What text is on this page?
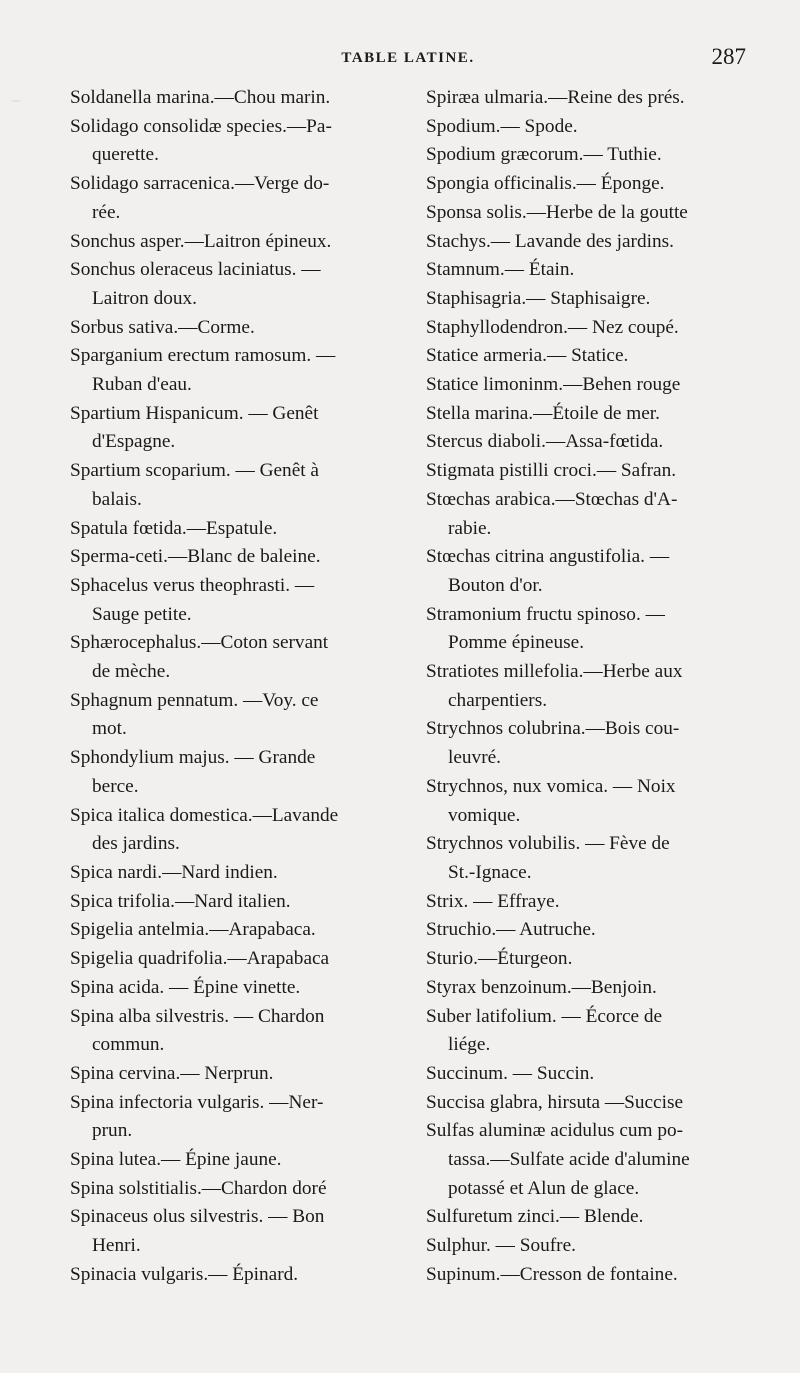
TABLE LATINE.	287
Soldanella marina.—Chou marin.
Solidago consolidæ species.—Pa-
querette.
Solidago sarracenica.—Verge do-
rée.
Sonchus asper.—Laitron épineux.
Sonchus oleraceus laciniatus. —
Laitron doux.
Sorbus sativa.—Corme.
Sparganium erectum ramosum. —
Ruban d'eau.
Spartium Hispanicum. — Genêt
d'Espagne.
Spartium scoparium. — Genêt à
balais.
Spatula fœtida.—Espatule.
Sperma-ceti.—Blanc de baleine.
Sphacelus verus theophrasti. —
Sauge petite.
Sphærocephalus.—Coton servant
de mèche.
Sphagnum pennatum. —Voy. ce
mot.
Sphondylium majus. — Grande
berce.
Spica italica domestica.—Lavande
des jardins.
Spica nardi.—Nard indien.
Spica trifolia.—Nard italien.
Spigelia antelmia.—Arapabaca.
Spigelia quadrifolia.—Arapabaca
Spina acida. — Épine vinette.
Spina alba silvestris. — Chardon
commun.
Spina cervina.— Nerprun.
Spina infectoria vulgaris. —Ner-
prun.
Spina lutea.— Épine jaune.
Spina solstitialis.—Chardon doré
Spinaceus olus silvestris. — Bon
Henri.
Spinacia vulgaris.— Épinard.
Spiræa ulmaria.—Reine des prés.
Spodium.— Spode.
Spodium græcorum.— Tuthie.
Spongia officinalis.— Éponge.
Sponsa solis.—Herbe de la goutte
Stachys.— Lavande des jardins.
Stamnum.— Étain.
Staphisagria.— Staphisaigre.
Staphyllodendron.— Nez coupé.
Statice armeria.— Statice.
Statice limoninm.—Behen rouge
Stella marina.—Étoile de mer.
Stercus diaboli.—Assa-fœtida.
Stigmata pistilli croci.— Safran.
Stœchas arabica.—Stœchas d'A-
rabie.
Stœchas citrina angustifolia. —
Bouton d'or.
Stramonium fructu spinoso. —
Pomme épineuse.
Stratiotes millefolia.—Herbe aux
charpentiers.
Strychnos colubrina.—Bois cou-
leuvré.
Strychnos, nux vomica. — Noix
vomique.
Strychnos volubilis. — Fève de
St.-Ignace.
Strix. — Effraye.
Struchio.— Autruche.
Sturio.—Éturgeon.
Styrax benzoinum.—Benjoin.
Suber latifolium. — Écorce de
liége.
Succinum. — Succin.
Succisa glabra, hirsuta —Succise
Sulfas aluminæ acidulus cum po-
tassa.—Sulfate acide d'alumine
potassé et Alun de glace.
Sulfuretum zinci.— Blende.
Sulphur. — Soufre.
Supinum.—Cresson de fontaine.
–
